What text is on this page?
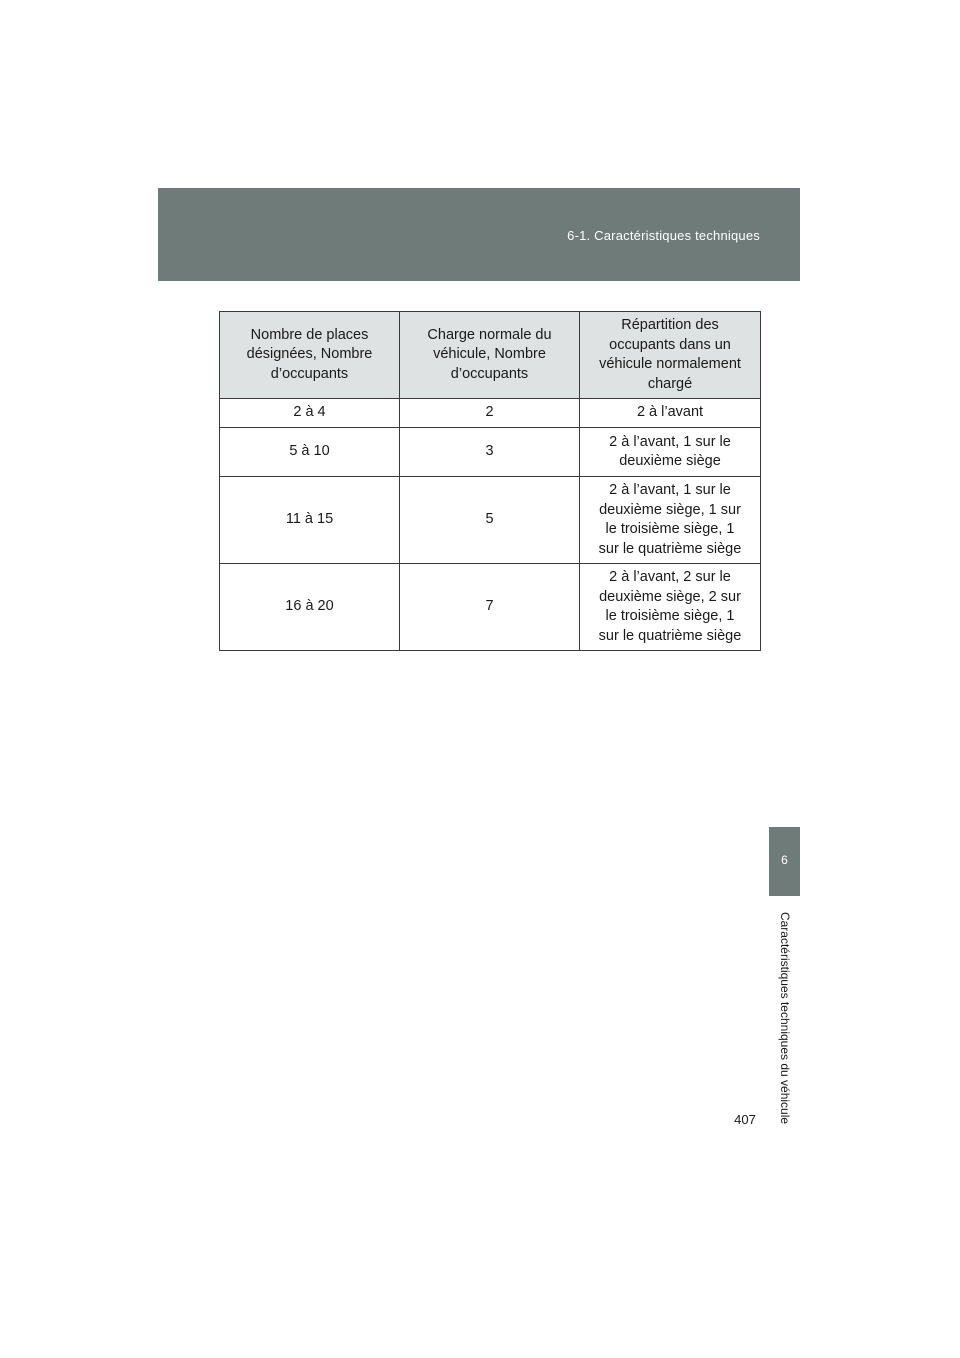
6-1. Caractéristiques techniques
6
Caractéristiques techniques du véhicule
Nombre de places
désignées, Nombre
d’occupants	Charge normale du
véhicule, Nombre
d’occupants	Répartition des
occupants dans un
véhicule normalement
chargé

2 à 4	2	2 à l’avant

5 à 10	3	2 à l’avant, 1 sur le
deuxième siège

11 à 15	5	2 à l’avant, 1 sur le
deuxième siège, 1 sur
le troisième siège, 1
sur le quatrième siège

16 à 20	7	2 à l’avant, 2 sur le
deuxième siège, 2 sur
le troisième siège, 1
sur le quatrième siège
407
